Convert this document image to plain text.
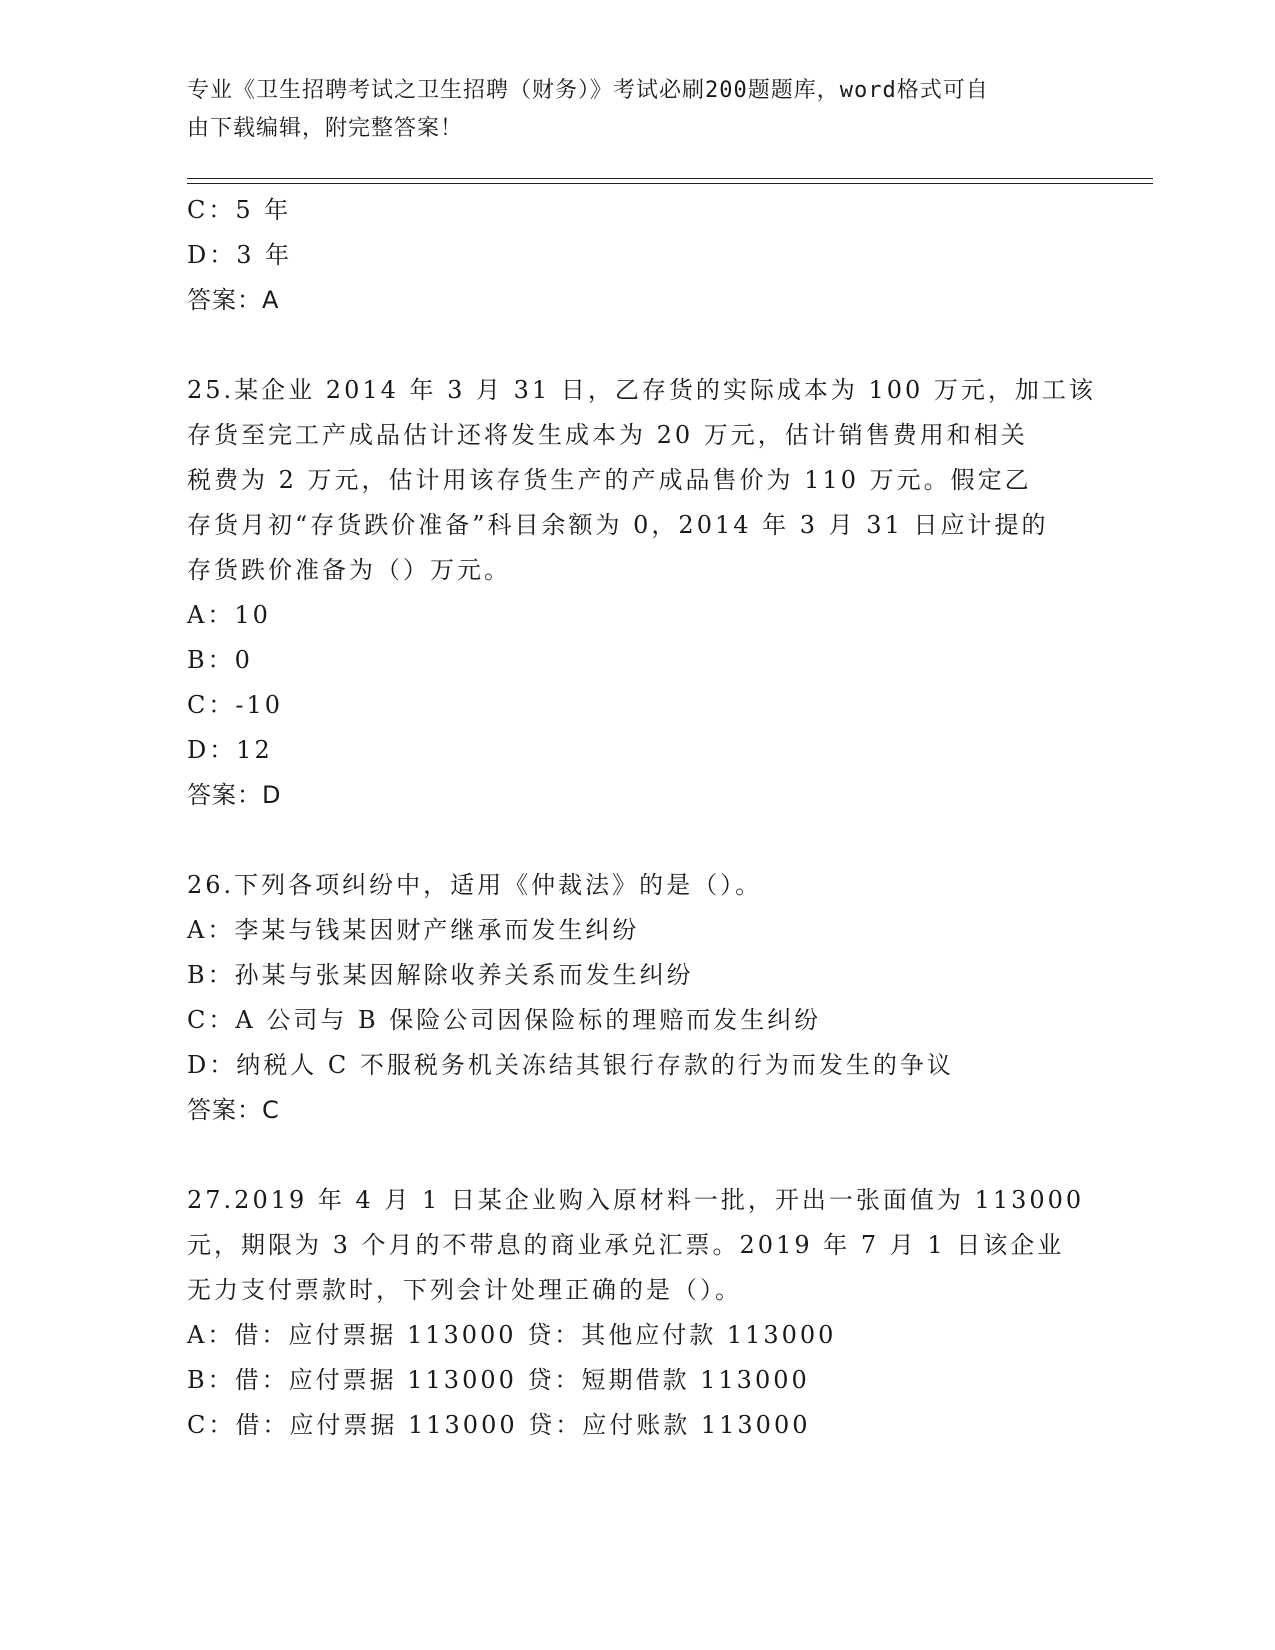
专业《卫生招聘考试之卫生招聘（财务）》考试必刷200题题库，word格式可自
由下载编辑，附完整答案！
C：5 年
D：3 年
答案：A
25.某企业 2014 年 3 月 31 日，乙存货的实际成本为 100 万元，加工该
存货至完工产成品估计还将发生成本为 20 万元，估计销售费用和相关
税费为 2 万元，估计用该存货生产的产成品售价为 110 万元。假定乙
存货月初“存货跌价准备”科目余额为 0，2014 年 3 月 31 日应计提的
存货跌价准备为（）万元。
A：10
B：0
C：-10
D：12
答案：D
26.下列各项纠纷中，适用《仲裁法》的是（）。
A：李某与钱某因财产继承而发生纠纷
B：孙某与张某因解除收养关系而发生纠纷
C：A 公司与 B 保险公司因保险标的理赔而发生纠纷
D：纳税人 C 不服税务机关冻结其银行存款的行为而发生的争议
答案：C
27.2019 年 4 月 1 日某企业购入原材料一批，开出一张面值为 113000
元，期限为 3 个月的不带息的商业承兑汇票。2019 年 7 月 1 日该企业
无力支付票款时，下列会计处理正确的是（）。
A：借：应付票据 113000 贷：其他应付款 113000
B：借：应付票据 113000 贷：短期借款 113000
C：借：应付票据 113000 贷：应付账款 113000
